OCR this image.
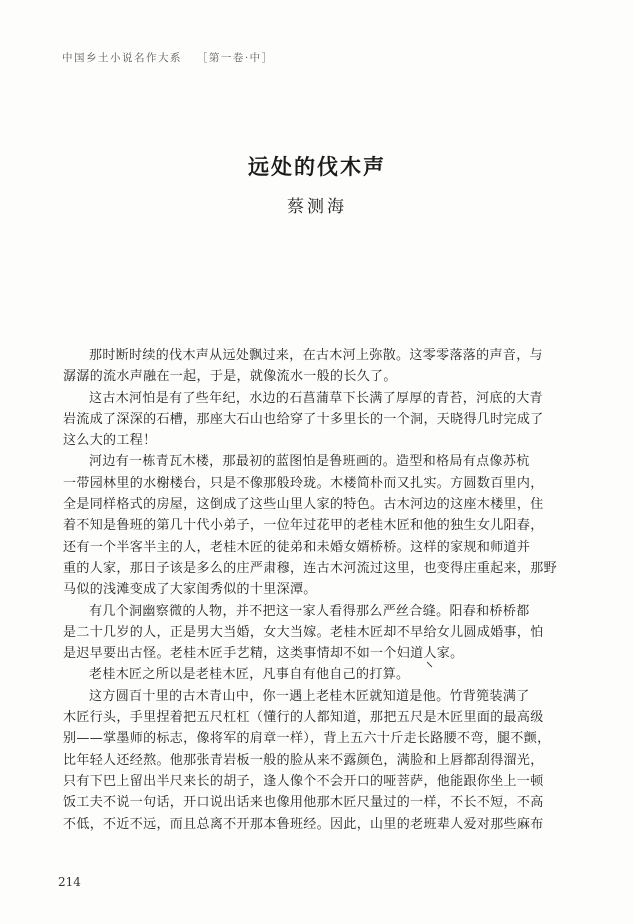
中国乡土小说名作大系 ［第一卷·中］
远处的伐木声
蔡测海
那时断时续的伐木声从远处飘过来，在古木河上弥散。这零零落落的声音，与
潺潺的流水声融在一起，于是，就像流水一般的长久了。
这古木河怕是有了些年纪，水边的石菖蒲草下长满了厚厚的青苔，河底的大青
岩流成了深深的石槽，那座大石山也给穿了十多里长的一个洞，天晓得几时完成了
这么大的工程！
河边有一栋青瓦木楼，那最初的蓝图怕是鲁班画的。造型和格局有点像苏杭
一带园林里的水榭楼台，只是不像那般玲珑。木楼简朴而又扎实。方圆数百里内，
全是同样格式的房屋，这倒成了这些山里人家的特色。古木河边的这座木楼里，住
着不知是鲁班的第几十代小弟子，一位年过花甲的老桂木匠和他的独生女儿阳春，
还有一个半客半主的人，老桂木匠的徒弟和未婚女婿桥桥。这样的家规和师道并
重的人家，那日子该是多么的庄严肃穆，连古木河流过这里，也变得庄重起来，那野
马似的浅滩变成了大家闺秀似的十里深潭。
有几个洞幽察微的人物，并不把这一家人看得那么严丝合缝。阳春和桥桥都
是二十几岁的人，正是男大当婚，女大当嫁。老桂木匠却不早给女儿圆成婚事，怕
是迟早要出古怪。老桂木匠手艺精，这类事情却不如一个妇道人家。
老桂木匠之所以是老桂木匠，凡事自有他自己的打算。
这方圆百十里的古木青山中，你一遇上老桂木匠就知道是他。竹背篼装满了
木匠行头，手里捏着把五尺杠杠（懂行的人都知道，那把五尺是木匠里面的最高级
别——掌墨师的标志，像将军的肩章一样），背上五六十斤走长路腰不弯，腿不颤，
比年轻人还经熬。他那张青岩板一般的脸从来不露颜色，满脸和上唇都刮得溜光，
只有下巴上留出半尺来长的胡子，逢人像个不会开口的哑菩萨，他能跟你坐上一顿
饭工夫不说一句话，开口说出话来也像用他那木匠尺量过的一样，不长不短，不高
不低，不近不远，而且总离不开那本鲁班经。因此，山里的老班辈人爱对那些麻布
214
